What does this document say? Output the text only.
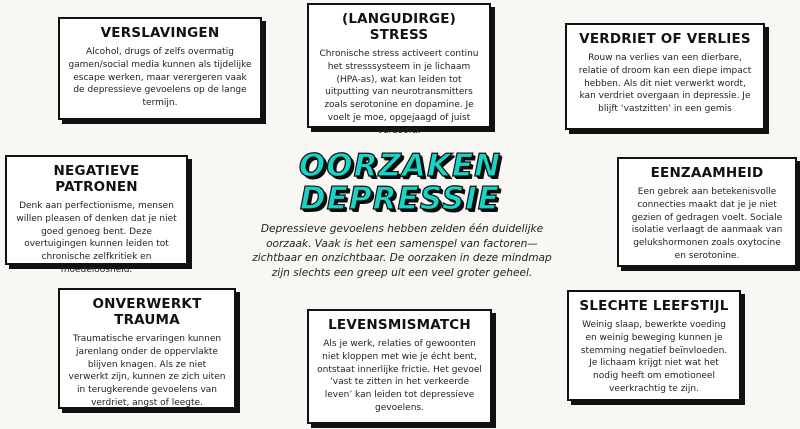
VERSLAVINGEN

Alcohol, drugs of zelfs overmatig gamen/social media kunnen als tijdelijke escape werken, maar verergeren vaak de depressieve gevoelens op de lange termijn.

(LANGUDIRGE) STRESS

Chronische stress activeert continu het stresssysteem in je lichaam (HPA-as), wat kan leiden tot uitputting van neurotransmitters zoals serotonine en dopamine. Je voelt je moe, opgejaagd of juist verdoofd.

VERDRIET OF VERLIES

Rouw na verlies van een dierbare, relatie of droom kan een diepe impact hebben. Als dit niet verwerkt wordt, kan verdriet overgaan in depressie. Je blijft ‘vastzitten’ in een gemis

NEGATIEVE PATRONEN

Denk aan perfectionisme, mensen willen pleasen of denken dat je niet goed genoeg bent. Deze overtuigingen kunnen leiden tot chronische zelfkritiek en moedeloosheid.

EENZAAMHEID

Een gebrek aan betekenisvolle connecties maakt dat je je niet gezien of gedragen voelt. Sociale isolatie verlaagt de aanmaak van gelukshormonen zoals oxytocine en serotonine.

ONVERWERKT TRAUMA

Traumatische ervaringen kunnen jarenlang onder de oppervlakte blijven knagen. Als ze niet verwerkt zijn, kunnen ze zich uiten in terugkerende gevoelens van verdriet, angst of leegte.

LEVENSMISMATCH

Als je werk, relaties of gewoonten niet kloppen met wie je écht bent, ontstaat innerlijke frictie. Het gevoel ‘vast te zitten in het verkeerde leven’ kan leiden tot depressieve gevoelens.

SLECHTE LEEFSTIJL

Weinig slaap, bewerkte voeding en weinig beweging kunnen je stemming negatief beïnvloeden. Je lichaam krijgt niet wat het nodig heeft om emotioneel veerkrachtig te zijn.

OORZAKEN
DEPRESSIE
Depressieve gevoelens hebben zelden één duidelijke oorzaak. Vaak is het een samenspel van factoren—zichtbaar en onzichtbaar. De oorzaken in deze mindmap zijn slechts een greep uit een veel groter geheel.
